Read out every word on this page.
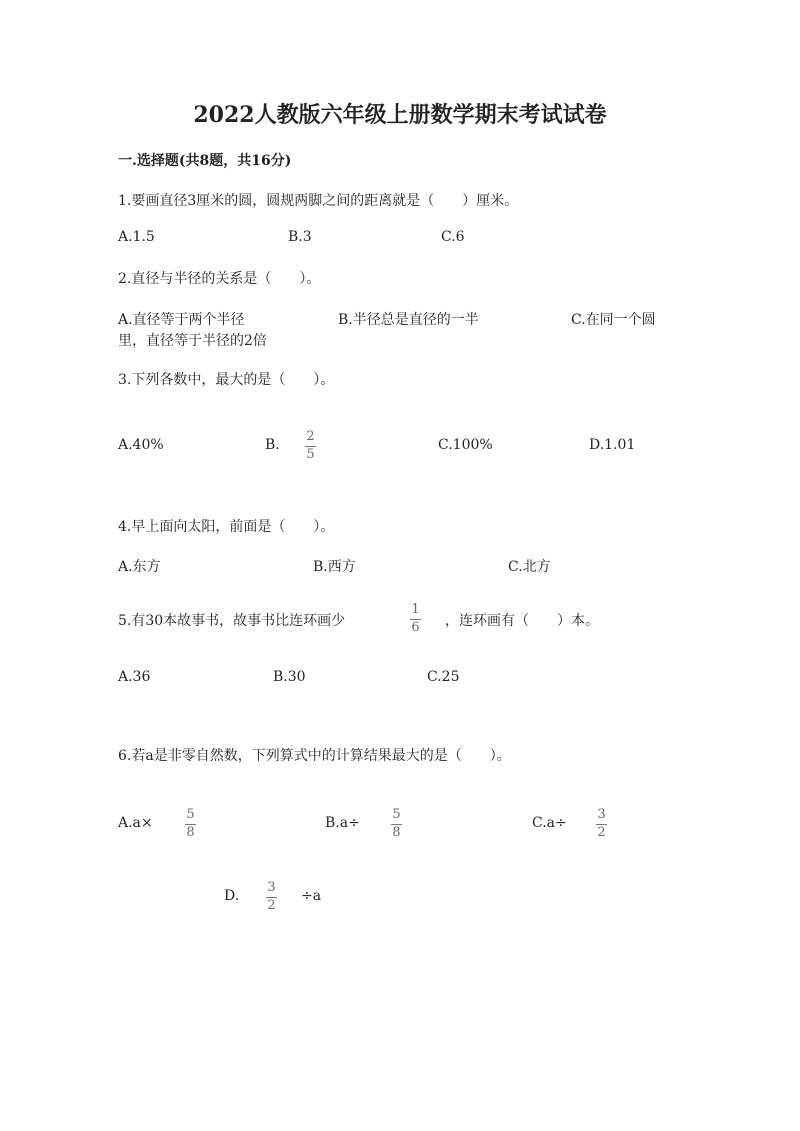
2022人教版六年级上册数学期末考试试卷
一.选择题(共8题，共16分)
1.要画直径3厘米的圆，圆规两脚之间的距离就是（　　）厘米。
A.1.5	B.3	C.6
2.直径与半径的关系是（　　）。
A.直径等于两个半径	B.半径总是直径的一半	C.在同一个圆
里，直径等于半径的2倍
3.下列各数中，最大的是（　　）。
A.40%	B.
2
5
C.100%	D.1.01
4.早上面向太阳，前面是（　　）。
A.东方	B.西方	C.北方
5.有30本故事书，故事书比连环画少
1
6 ，连环画有（　　）本。
A.36	B.30	C.25
6.若a是非零自然数，下列算式中的计算结果最大的是（　　）。
A.a×
5
8
B.a÷
5
8
C.a÷
3
2
D.
3
2
÷a
